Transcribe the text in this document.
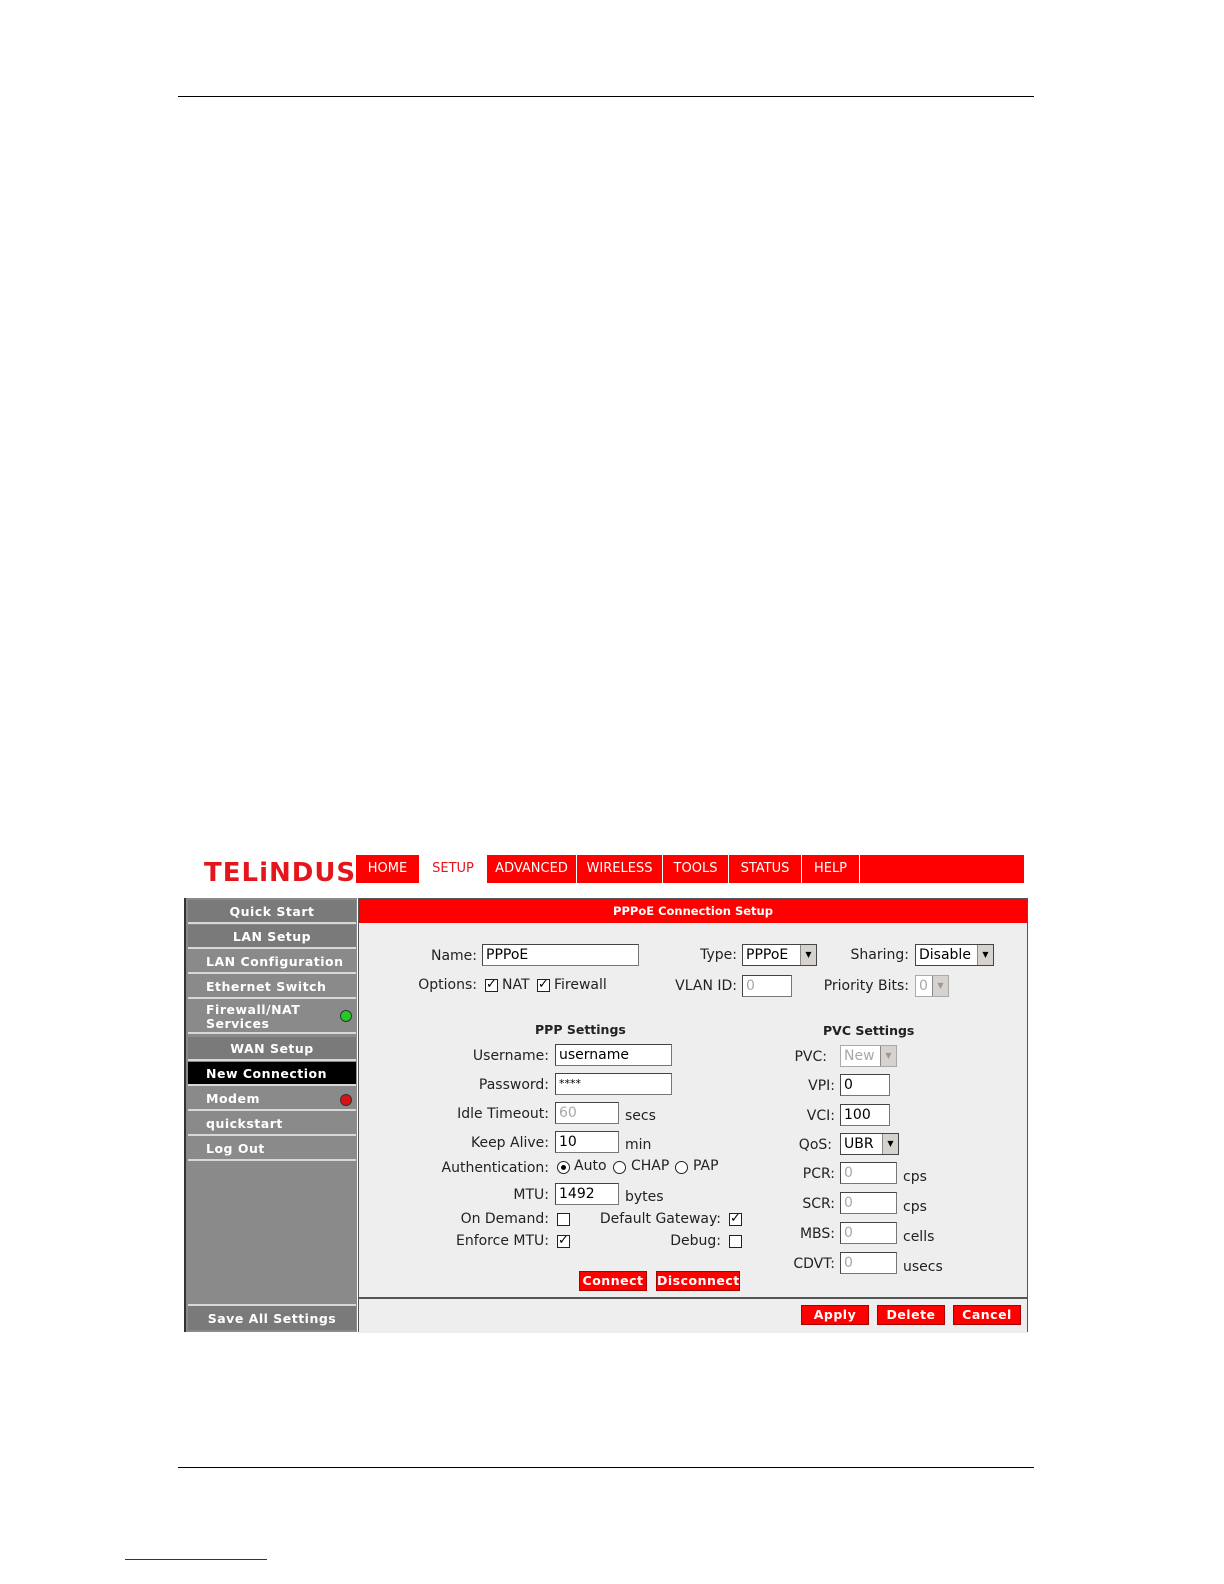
TELiNDUS HOME	SETUP	ADVANCED	WIRELESS	TOOLS	STATUS	HELP
Quick Start
LAN Setup
LAN Configuration
Ethernet Switch
Firewall/NAT
Services
WAN Setup
New Connection
Modem
quickstart
Log Out
Save All Settings
PPPoE Connection Setup
Name: PPPoE	Type: PPPoE	▼	Sharing: Disable	▼
Options: ✓ NAT ✓ Firewall	VLAN ID: 0	Priority Bits: 0	▼
PPP Settings	PVC Settings
Username: username
Password: ****
Idle Timeout: 60	secs
Keep Alive: 10	min
Authentication: Auto CHAP PAP
MTU: 1492	bytes
On Demand:	Default Gateway: ✓
Enforce MTU: ✓	Debug:
Connect Disconnect
PVC: New	▼
VPI: 0
VCI: 100
QoS: UBR	▼
PCR: 0	cps
SCR: 0	cps
MBS: 0	cells
CDVT: 0	usecs
Apply	Delete	Cancel
